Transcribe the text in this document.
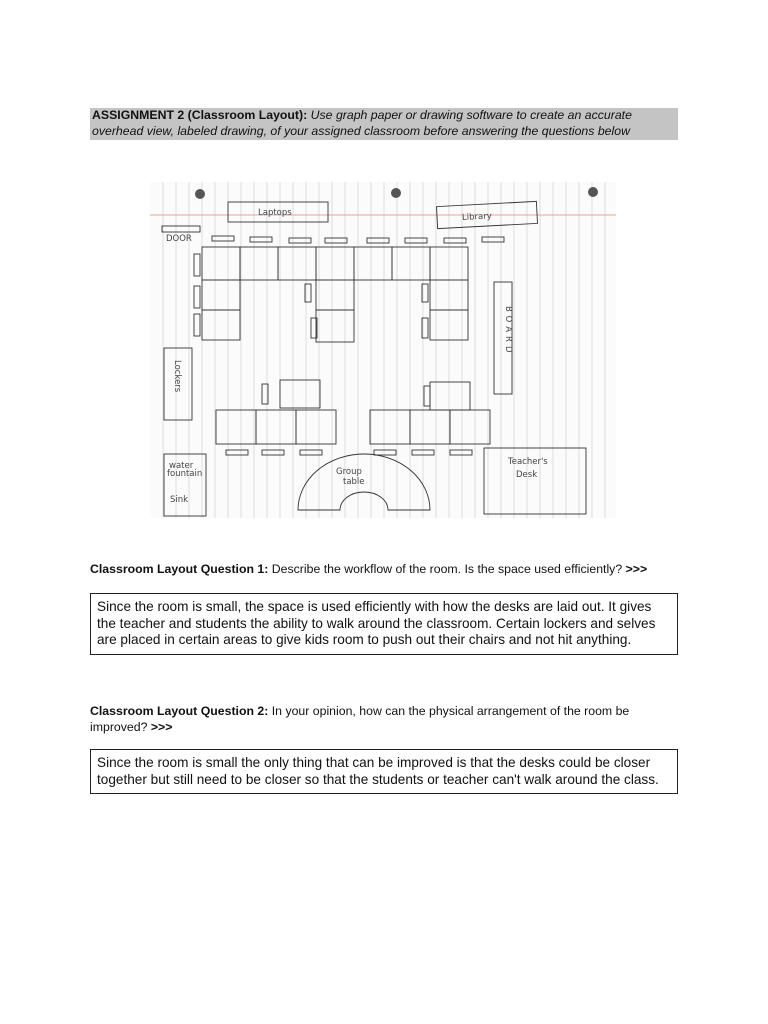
ASSIGNMENT 2 (Classroom Layout): Use graph paper or drawing software to create an accurate overhead view, labeled drawing, of your assigned classroom before answering the questions below
Laptops	Library
DOOR
BOARD
Lockers
water
fountain
Sink
Group
table
Teacher's
Desk
Classroom Layout Question 1: Describe the workflow of the room. Is the space used efficiently? >>>
Since the room is small, the space is used efficiently with how the desks are laid out. It gives the teacher and students the ability to walk around the classroom. Certain lockers and selves are placed in certain areas to give kids room to push out their chairs and not hit anything.
Classroom Layout Question 2: In your opinion, how can the physical arrangement of the room be improved? >>>
Since the room is small the only thing that can be improved is that the desks could be closer together but still need to be closer so that the students or teacher can't walk around the class.
